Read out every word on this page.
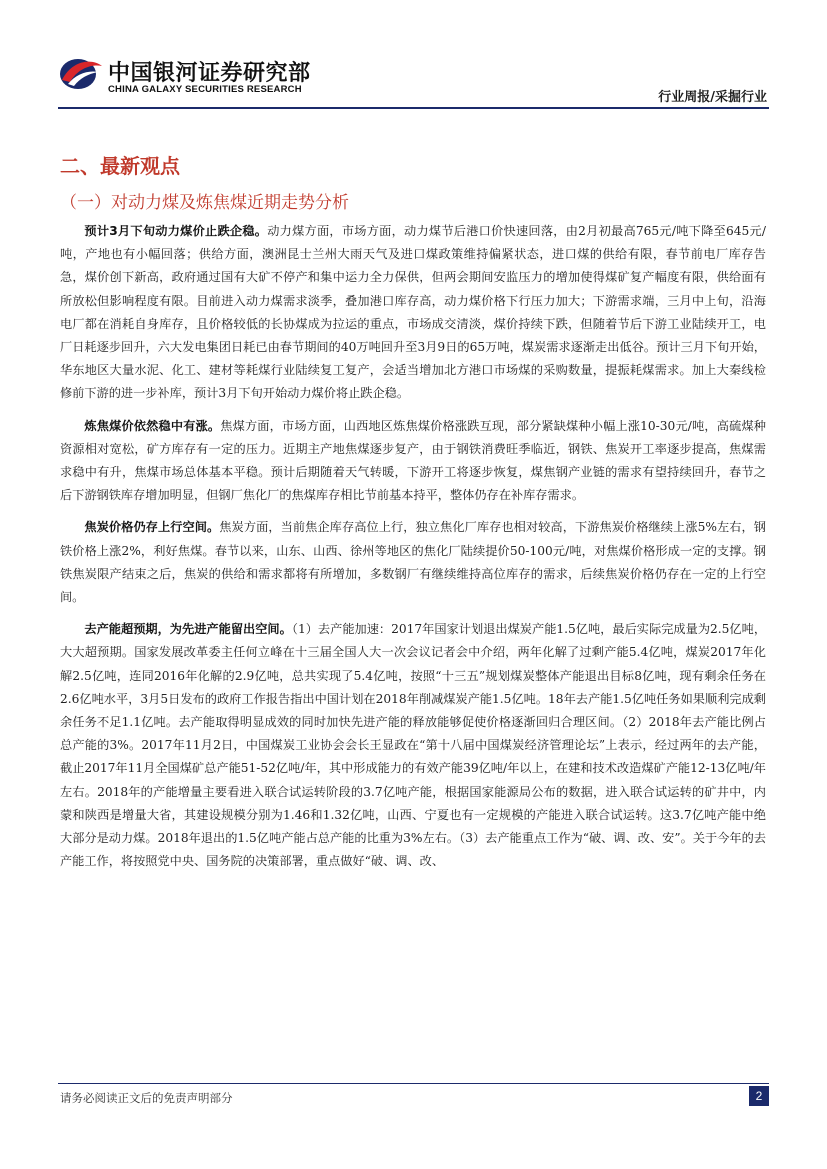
中国银河证券研究部
CHINA GALAXY SECURITIES RESEARCH
行业周报/采掘行业
二、最新观点
（一）对动力煤及炼焦煤近期走势分析

预计3月下旬动力煤价止跌企稳。动力煤方面，市场方面，动力煤节后港口价快速回落，由2月初最高765元/吨下降至645元/吨，产地也有小幅回落；供给方面，澳洲昆士兰州大雨天气及进口煤政策维持偏紧状态，进口煤的供给有限，春节前电厂库存告急，煤价创下新高，政府通过国有大矿不停产和集中运力全力保供，但两会期间安监压力的增加使得煤矿复产幅度有限，供给面有所放松但影响程度有限。目前进入动力煤需求淡季，叠加港口库存高，动力煤价格下行压力加大；下游需求端，三月中上旬，沿海电厂都在消耗自身库存，且价格较低的长协煤成为拉运的重点，市场成交清淡，煤价持续下跌，但随着节后下游工业陆续开工，电厂日耗逐步回升，六大发电集团日耗已由春节期间的40万吨回升至3月9日的65万吨，煤炭需求逐渐走出低谷。预计三月下旬开始，华东地区大量水泥、化工、建材等耗煤行业陆续复工复产，会适当增加北方港口市场煤的采购数量，提振耗煤需求。加上大秦线检修前下游的进一步补库，预计3月下旬开始动力煤价将止跌企稳。

炼焦煤价依然稳中有涨。焦煤方面，市场方面，山西地区炼焦煤价格涨跌互现，部分紧缺煤种小幅上涨10-30元/吨，高硫煤种资源相对宽松，矿方库存有一定的压力。近期主产地焦煤逐步复产，由于钢铁消费旺季临近，钢铁、焦炭开工率逐步提高，焦煤需求稳中有升，焦煤市场总体基本平稳。预计后期随着天气转暖，下游开工将逐步恢复，煤焦钢产业链的需求有望持续回升，春节之后下游钢铁库存增加明显，但钢厂焦化厂的焦煤库存相比节前基本持平，整体仍存在补库存需求。

焦炭价格仍存上行空间。焦炭方面，当前焦企库存高位上行，独立焦化厂库存也相对较高，下游焦炭价格继续上涨5%左右，钢铁价格上涨2%，利好焦煤。春节以来，山东、山西、徐州等地区的焦化厂陆续提价50-100元/吨，对焦煤价格形成一定的支撑。钢铁焦炭限产结束之后，焦炭的供给和需求都将有所增加，多数钢厂有继续维持高位库存的需求，后续焦炭价格仍存在一定的上行空间。

去产能超预期，为先进产能留出空间。（1）去产能加速：2017年国家计划退出煤炭产能1.5亿吨，最后实际完成量为2.5亿吨，大大超预期。国家发展改革委主任何立峰在十三届全国人大一次会议记者会中介绍，两年化解了过剩产能5.4亿吨，煤炭2017年化解2.5亿吨，连同2016年化解的2.9亿吨，总共实现了5.4亿吨，按照“十三五”规划煤炭整体产能退出目标8亿吨，现有剩余任务在2.6亿吨水平，3月5日发布的政府工作报告指出中国计划在2018年削减煤炭产能1.5亿吨。18年去产能1.5亿吨任务如果顺利完成剩余任务不足1.1亿吨。去产能取得明显成效的同时加快先进产能的释放能够促使价格逐渐回归合理区间。（2）2018年去产能比例占总产能的3%。2017年11月2日，中国煤炭工业协会会长王显政在“第十八届中国煤炭经济管理论坛”上表示，经过两年的去产能，截止2017年11月全国煤矿总产能51-52亿吨/年，其中形成能力的有效产能39亿吨/年以上，在建和技术改造煤矿产能12-13亿吨/年左右。2018年的产能增量主要看进入联合试运转阶段的3.7亿吨产能，根据国家能源局公布的数据，进入联合试运转的矿井中，内蒙和陕西是增量大省，其建设规模分别为1.46和1.32亿吨，山西、宁夏也有一定规模的产能进入联合试运转。这3.7亿吨产能中绝大部分是动力煤。2018年退出的1.5亿吨产能占总产能的比重为3%左右。（3）去产能重点工作为“破、调、改、安”。关于今年的去产能工作，将按照党中央、国务院的决策部署，重点做好“破、调、改、

请务必阅读正文后的免责声明部分	2
